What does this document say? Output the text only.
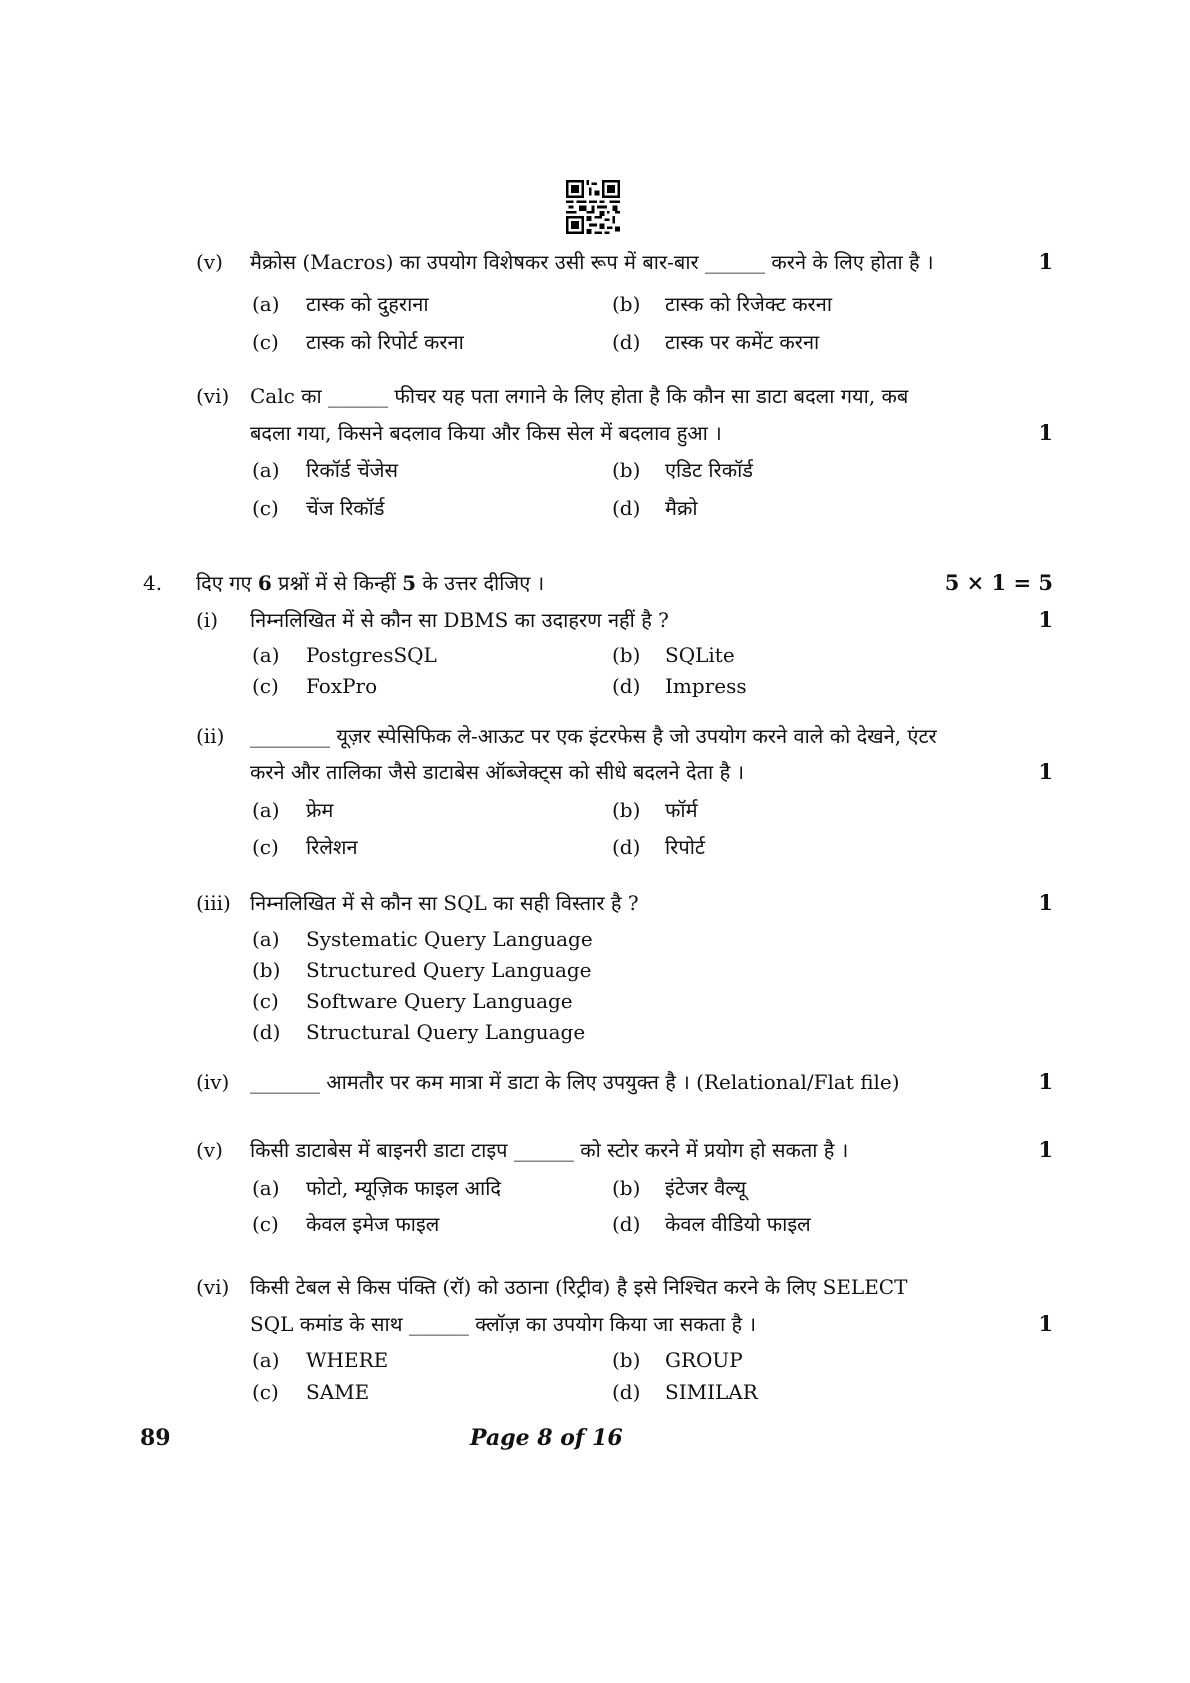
(v) मैक्रोस (Macros) का उपयोग विशेषकर उसी रूप में बार-बार ______ करने के लिए होता है ।	1
(a) टास्क को दुहराना	(b) टास्क को रिजेक्ट करना
(c) टास्क को रिपोर्ट करना	(d) टास्क पर कमेंट करना
(vi) Calc का ______ फीचर यह पता लगाने के लिए होता है कि कौन सा डाटा बदला गया, कब
बदला गया, किसने बदलाव किया और किस सेल में बदलाव हुआ ।	1
(a) रिकॉर्ड चेंजेस	(b) एडिट रिकॉर्ड
(c) चेंज रिकॉर्ड	(d) मैक्रो
4. दिए गए 6 प्रश्नों में से किन्हीं 5 के उत्तर दीजिए ।	5 × 1 = 5
(i) निम्नलिखित में से कौन सा DBMS का उदाहरण नहीं है ?	1
(a) PostgresSQL	(b) SQLite
(c) FoxPro	(d) Impress
(ii) ________ यूज़र स्पेसिफिक ले-आऊट पर एक इंटरफेस है जो उपयोग करने वाले को देखने, एंटर
करने और तालिका जैसे डाटाबेस ऑब्जेक्ट्स को सीधे बदलने देता है ।	1
(a) फ्रेम	(b) फॉर्म
(c) रिलेशन	(d) रिपोर्ट
(iii) निम्नलिखित में से कौन सा SQL का सही विस्तार है ?	1
(a) Systematic Query Language
(b) Structured Query Language
(c) Software Query Language
(d) Structural Query Language
(iv) _______ आमतौर पर कम मात्रा में डाटा के लिए उपयुक्त है । (Relational/Flat file)	1
(v) किसी डाटाबेस में बाइनरी डाटा टाइप ______ को स्टोर करने में प्रयोग हो सकता है ।	1
(a) फोटो, म्यूज़िक फाइल आदि	(b) इंटेजर वैल्यू
(c) केवल इमेज फाइल	(d) केवल वीडियो फाइल
(vi) किसी टेबल से किस पंक्ति (रॉ) को उठाना (रिट्रीव) है इसे निश्चित करने के लिए SELECT
SQL कमांड के साथ ______ क्लॉज़ का उपयोग किया जा सकता है ।	1
(a) WHERE	(b) GROUP
(c) SAME	(d) SIMILAR
89	Page 8 of 16
